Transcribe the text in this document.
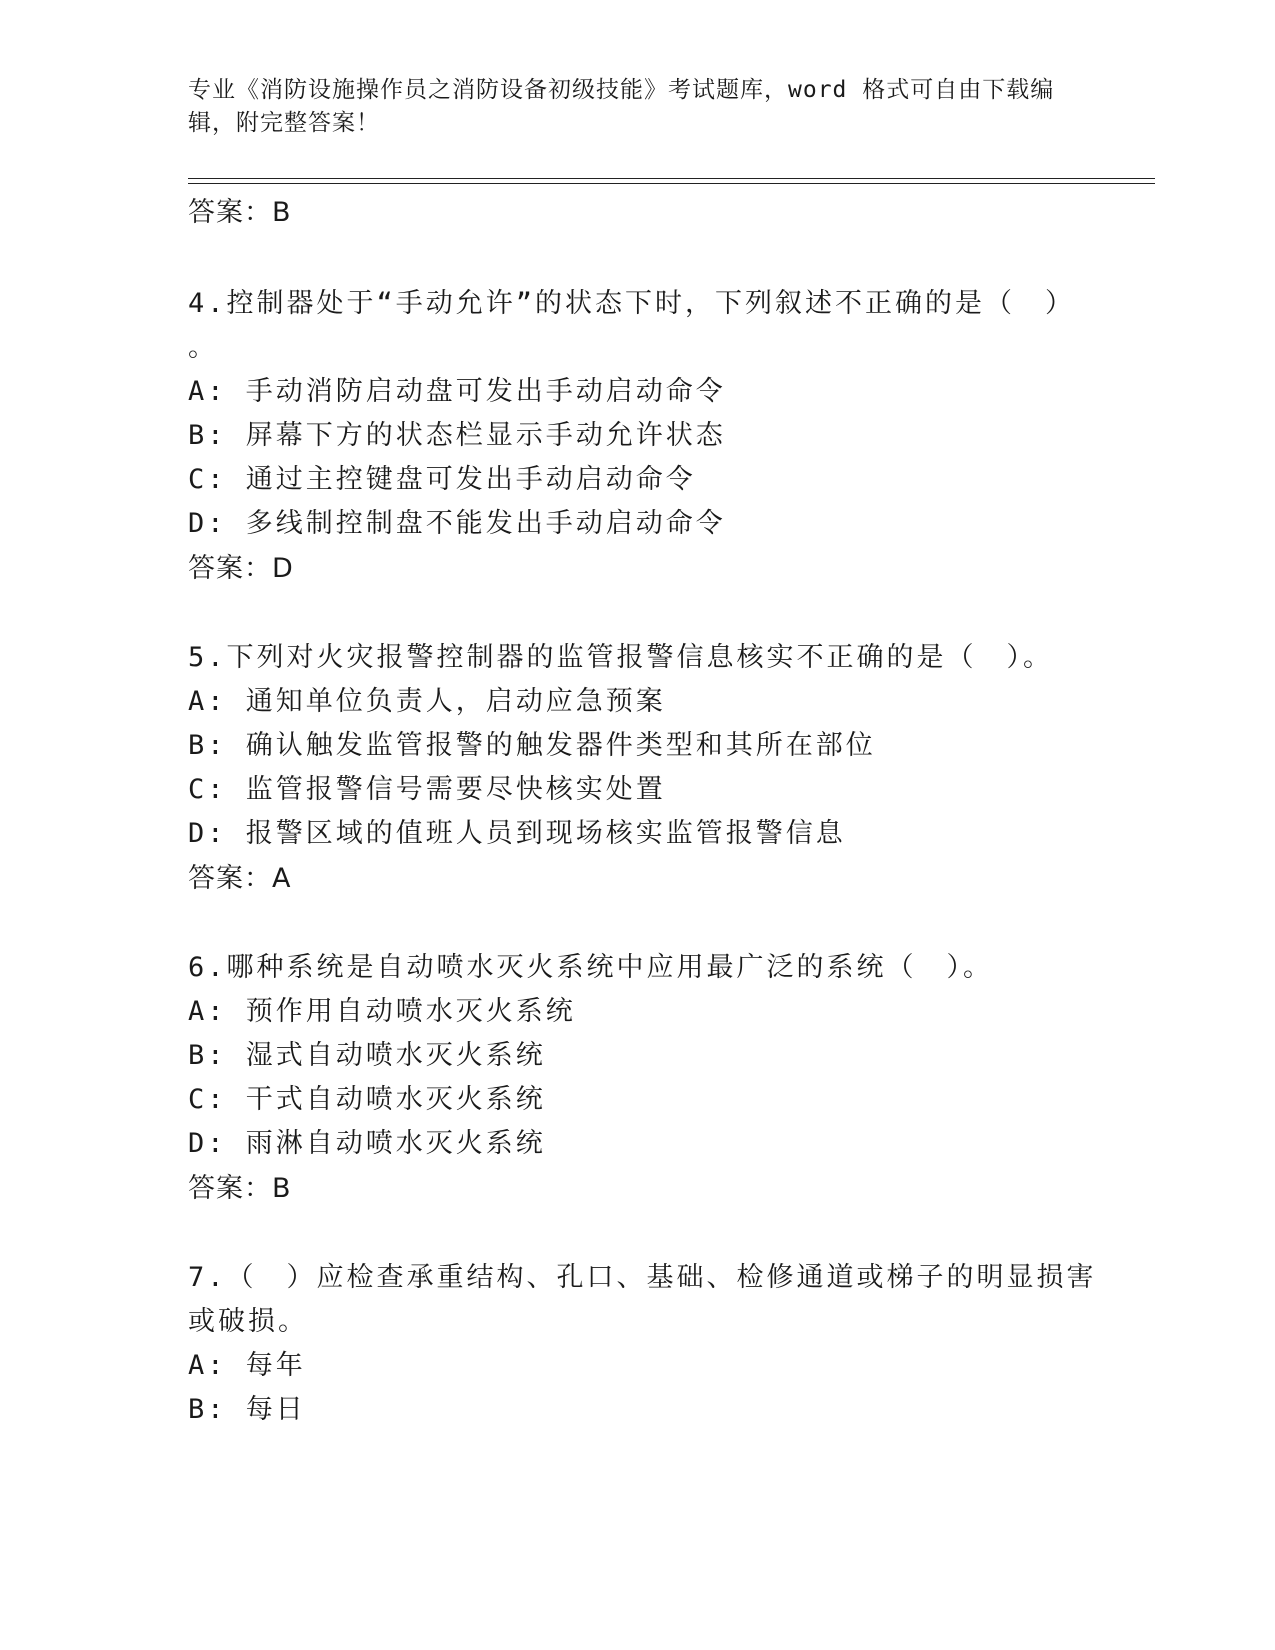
专业《消防设施操作员之消防设备初级技能》考试题库，word 格式可自由下载编
辑，附完整答案！
答案：B
4.控制器处于“手动允许”的状态下时，下列叙述不正确的是（　）
。
A: 手动消防启动盘可发出手动启动命令
B: 屏幕下方的状态栏显示手动允许状态
C: 通过主控键盘可发出手动启动命令
D: 多线制控制盘不能发出手动启动命令
答案：D
5.下列对火灾报警控制器的监管报警信息核实不正确的是（　）。
A: 通知单位负责人，启动应急预案
B: 确认触发监管报警的触发器件类型和其所在部位
C: 监管报警信号需要尽快核实处置
D: 报警区域的值班人员到现场核实监管报警信息
答案：A
6.哪种系统是自动喷水灭火系统中应用最广泛的系统（　）。
A: 预作用自动喷水灭火系统
B: 湿式自动喷水灭火系统
C: 干式自动喷水灭火系统
D: 雨淋自动喷水灭火系统
答案：B
7.（　）应检查承重结构、孔口、基础、检修通道或梯子的明显损害
或破损。
A: 每年
B: 每日
